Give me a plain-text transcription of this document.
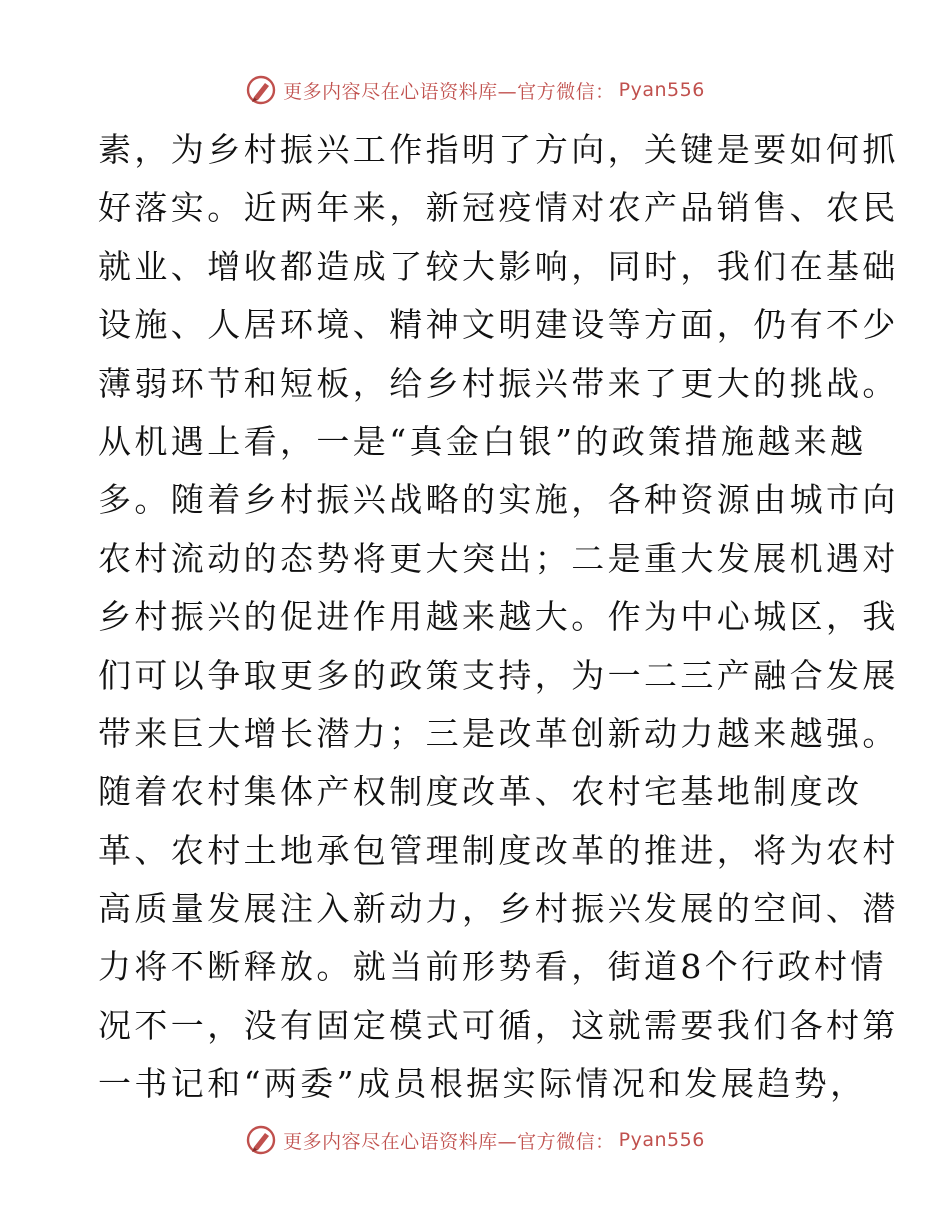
更多内容尽在心语资料库—官方微信： Pyan556
素，为乡村振兴工作指明了方向，关键是要如何抓
好落实。近两年来，新冠疫情对农产品销售、农民
就业、增收都造成了较大影响，同时，我们在基础
设施、人居环境、精神文明建设等方面，仍有不少
薄弱环节和短板，给乡村振兴带来了更大的挑战。
从机遇上看，一是“真金白银”的政策措施越来越
多。随着乡村振兴战略的实施，各种资源由城市向
农村流动的态势将更大突出；二是重大发展机遇对
乡村振兴的促进作用越来越大。作为中心城区，我
们可以争取更多的政策支持，为一二三产融合发展
带来巨大增长潜力；三是改革创新动力越来越强。
随着农村集体产权制度改革、农村宅基地制度改
革、农村土地承包管理制度改革的推进，将为农村
高质量发展注入新动力，乡村振兴发展的空间、潜
力将不断释放。就当前形势看，街道8个行政村情
况不一，没有固定模式可循，这就需要我们各村第
一书记和“两委”成员根据实际情况和发展趋势，
更多内容尽在心语资料库—官方微信： Pyan556
